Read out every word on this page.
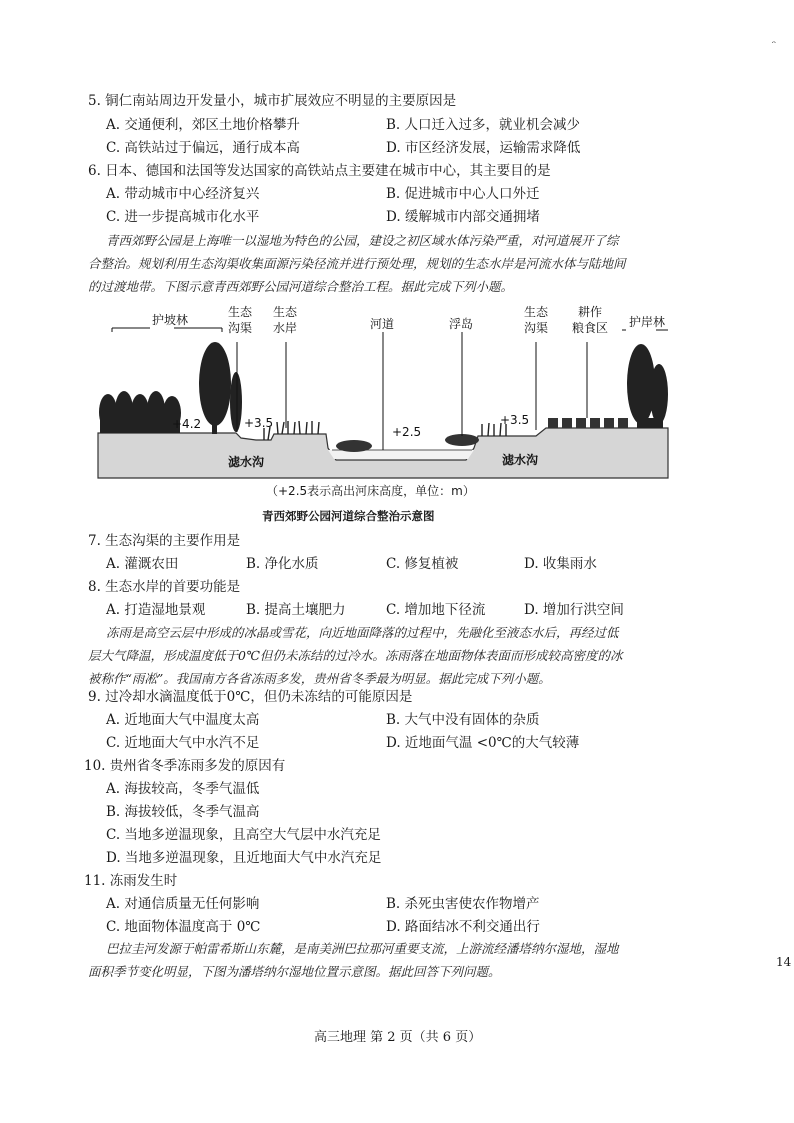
ᵔ
5. 铜仁南站周边开发量小，城市扩展效应不明显的主要原因是
A. 交通便利，郊区土地价格攀升	B. 人口迁入过多，就业机会减少
C. 高铁站过于偏远，通行成本高	D. 市区经济发展，运输需求降低
6. 日本、德国和法国等发达国家的高铁站点主要建在城市中心，其主要目的是
A. 带动城市中心经济复兴	B. 促进城市中心人口外迁
C. 进一步提高城市化水平	D. 缓解城市内部交通拥堵
青西郊野公园是上海唯一以湿地为特色的公园，建设之初区域水体污染严重，对河道展开了综
合整治。规划利用生态沟渠收集面源污染径流并进行预处理，规划的生态水岸是河流水体与陆地间
的过渡地带。下图示意青西郊野公园河道综合整治工程。据此完成下列小题。
护坡林
生态
沟渠
生态
水岸	河道	浮岛
生态
沟渠
耕作
粮食区 护岸林
+4.2	+3.5
+2.5
+3.5
滤水沟	滤水沟
（+2.5表示高出河床高度，单位：m）
青西郊野公园河道综合整治示意图
7. 生态沟渠的主要作用是
A. 灌溉农田	B. 净化水质	C. 修复植被	D. 收集雨水
8. 生态水岸的首要功能是
A. 打造湿地景观	B. 提高土壤肥力	C. 增加地下径流	D. 增加行洪空间
冻雨是高空云层中形成的冰晶或雪花，向近地面降落的过程中，先融化至液态水后，再经过低
层大气降温，形成温度低于0℃但仍未冻结的过冷水。冻雨落在地面物体表面而形成较高密度的冰
被称作“雨凇”。我国南方各省冻雨多发，贵州省冬季最为明显。据此完成下列小题。
9. 过冷却水滴温度低于0℃，但仍未冻结的可能原因是
A. 近地面大气中温度太高	B. 大气中没有固体的杂质
C. 近地面大气中水汽不足	D. 近地面气温 <0℃的大气较薄
10. 贵州省冬季冻雨多发的原因有
A. 海拔较高，冬季气温低
B. 海拔较低，冬季气温高
C. 当地多逆温现象，且高空大气层中水汽充足
D. 当地多逆温现象，且近地面大气中水汽充足
11. 冻雨发生时
A. 对通信质量无任何影响	B. 杀死虫害使农作物增产
C. 地面物体温度高于 0℃	D. 路面结冰不利交通出行
巴拉圭河发源于帕雷希斯山东麓，是南美洲巴拉那河重要支流，上游流经潘塔纳尔湿地，湿地
面积季节变化明显，下图为潘塔纳尔湿地位置示意图。据此回答下列问题。
14
高三地理 第 2 页（共 6 页）
